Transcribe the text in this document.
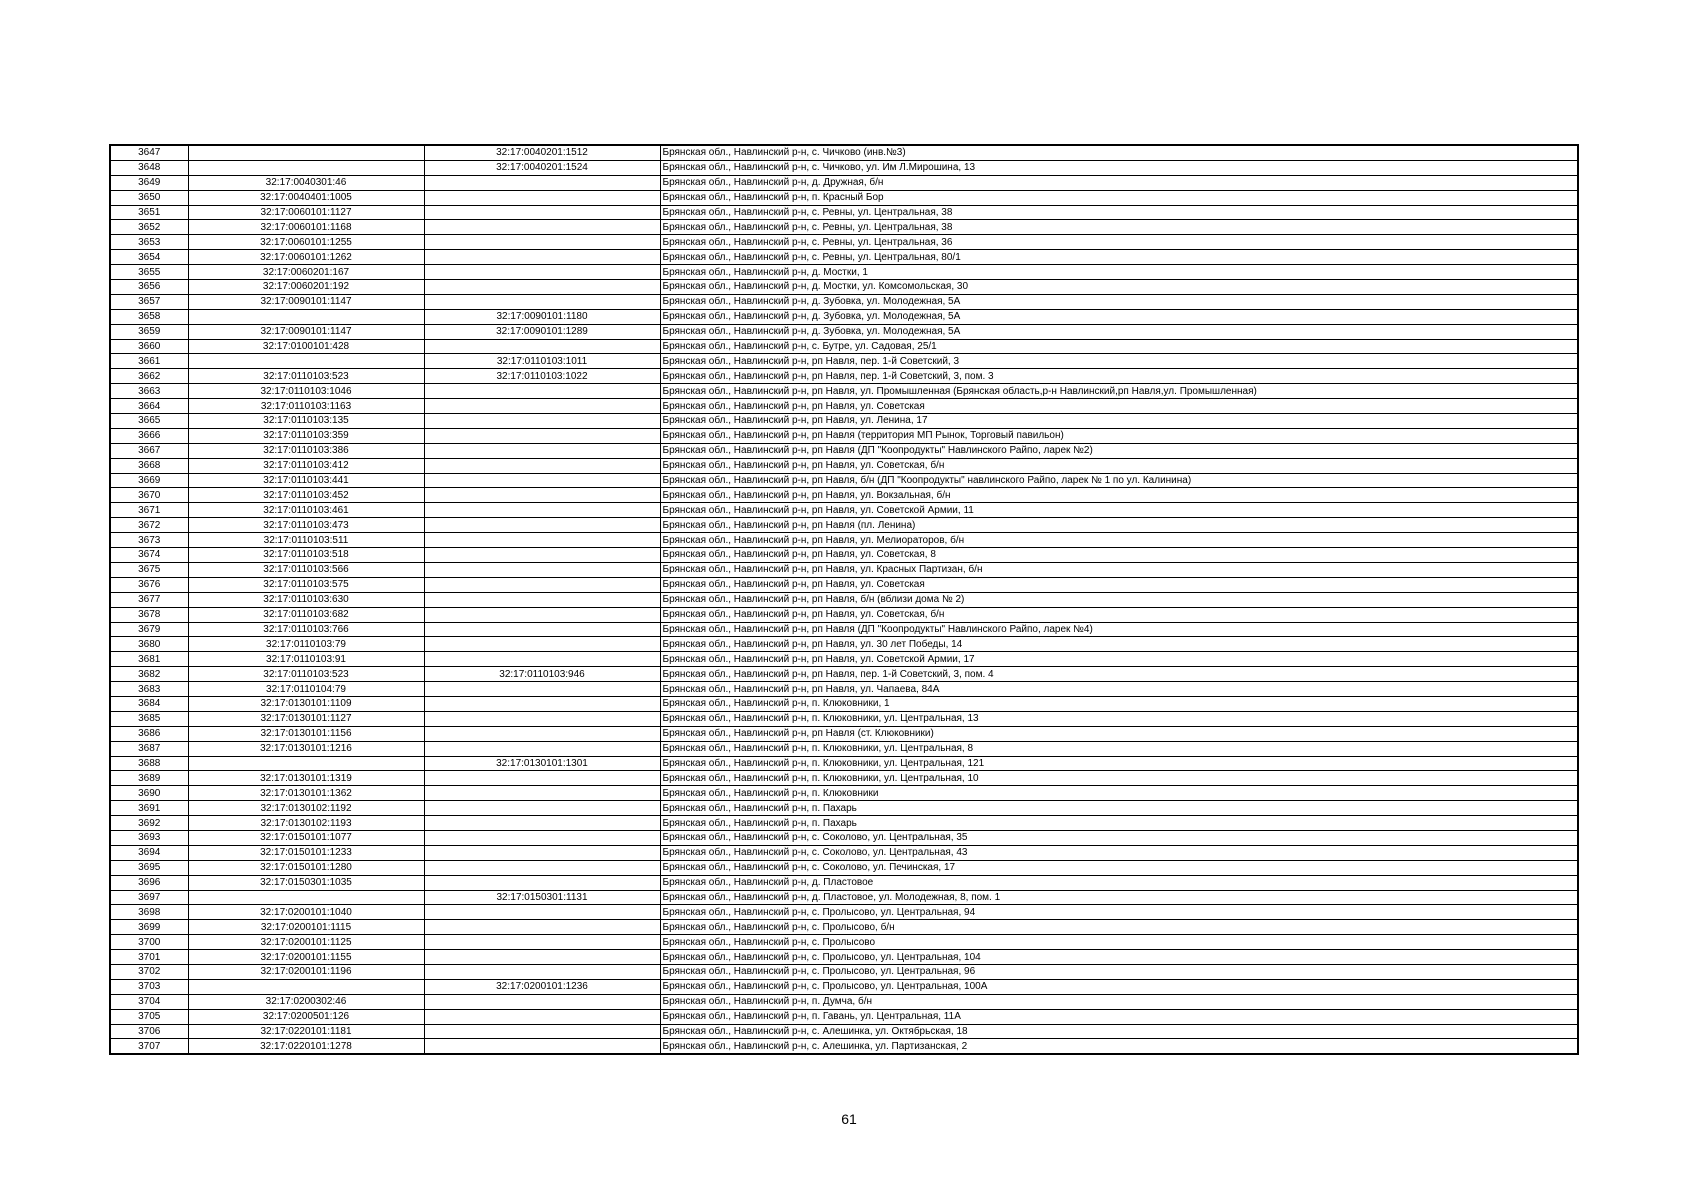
3647		32:17:0040201:1512	Брянская обл., Навлинский р-н, с. Чичково (инв.№3)
3648		32:17:0040201:1524	Брянская обл., Навлинский р-н, с. Чичково, ул. Им Л.Мирошина, 13
3649	32:17:0040301:46		Брянская обл., Навлинский р-н, д. Дружная, б/н
3650	32:17:0040401:1005		Брянская обл., Навлинский р-н, п. Красный Бор
3651	32:17:0060101:1127		Брянская обл., Навлинский р-н, с. Ревны, ул. Центральная, 38
3652	32:17:0060101:1168		Брянская обл., Навлинский р-н, с. Ревны, ул. Центральная, 38
3653	32:17:0060101:1255		Брянская обл., Навлинский р-н, с. Ревны, ул. Центральная, 36
3654	32:17:0060101:1262		Брянская обл., Навлинский р-н, с. Ревны, ул. Центральная, 80/1
3655	32:17:0060201:167		Брянская обл., Навлинский р-н, д. Мостки, 1
3656	32:17:0060201:192		Брянская обл., Навлинский р-н, д. Мостки, ул. Комсомольская, 30
3657	32:17:0090101:1147		Брянская обл., Навлинский р-н, д. Зубовка, ул. Молодежная, 5А
3658		32:17:0090101:1180	Брянская обл., Навлинский р-н, д. Зубовка, ул. Молодежная, 5А
3659	32:17:0090101:1147	32:17:0090101:1289	Брянская обл., Навлинский р-н, д. Зубовка, ул. Молодежная, 5А
3660	32:17:0100101:428		Брянская обл., Навлинский р-н, с. Бутре, ул. Садовая, 25/1
3661		32:17:0110103:1011	Брянская обл., Навлинский р-н, рп Навля, пер. 1-й Советский, 3
3662	32:17:0110103:523	32:17:0110103:1022	Брянская обл., Навлинский р-н, рп Навля, пер. 1-й Советский, 3, пом. 3
3663	32:17:0110103:1046		Брянская обл., Навлинский р-н, рп Навля, ул. Промышленная (Брянская область,р-н Навлинский,рп Навля,ул. Промышленная)
3664	32:17:0110103:1163		Брянская обл., Навлинский р-н, рп Навля, ул. Советская
3665	32:17:0110103:135		Брянская обл., Навлинский р-н, рп Навля, ул. Ленина, 17
3666	32:17:0110103:359		Брянская обл., Навлинский р-н, рп Навля (территория МП Рынок, Торговый павильон)
3667	32:17:0110103:386		Брянская обл., Навлинский р-н, рп Навля (ДП "Коопродукты" Навлинского Райпо, ларек №2)
3668	32:17:0110103:412		Брянская обл., Навлинский р-н, рп Навля, ул. Советская, б/н
3669	32:17:0110103:441		Брянская обл., Навлинский р-н, рп Навля, б/н (ДП "Коопродукты" навлинского Райпо, ларек № 1 по ул. Калинина)
3670	32:17:0110103:452		Брянская обл., Навлинский р-н, рп Навля, ул. Вокзальная, б/н
3671	32:17:0110103:461		Брянская обл., Навлинский р-н, рп Навля, ул. Советской Армии, 11
3672	32:17:0110103:473		Брянская обл., Навлинский р-н, рп Навля (пл. Ленина)
3673	32:17:0110103:511		Брянская обл., Навлинский р-н, рп Навля, ул. Мелиораторов, б/н
3674	32:17:0110103:518		Брянская обл., Навлинский р-н, рп Навля, ул. Советская, 8
3675	32:17:0110103:566		Брянская обл., Навлинский р-н, рп Навля, ул. Красных Партизан, б/н
3676	32:17:0110103:575		Брянская обл., Навлинский р-н, рп Навля, ул. Советская
3677	32:17:0110103:630		Брянская обл., Навлинский р-н, рп Навля, б/н (вблизи дома № 2)
3678	32:17:0110103:682		Брянская обл., Навлинский р-н, рп Навля, ул. Советская, б/н
3679	32:17:0110103:766		Брянская обл., Навлинский р-н, рп Навля (ДП "Коопродукты" Навлинского Райпо, ларек №4)
3680	32:17:0110103:79		Брянская обл., Навлинский р-н, рп Навля, ул. 30 лет Победы, 14
3681	32:17:0110103:91		Брянская обл., Навлинский р-н, рп Навля, ул. Советской Армии, 17
3682	32:17:0110103:523	32:17:0110103:946	Брянская обл., Навлинский р-н, рп Навля, пер. 1-й Советский, 3, пом. 4
3683	32:17:0110104:79		Брянская обл., Навлинский р-н, рп Навля, ул. Чапаева, 84А
3684	32:17:0130101:1109		Брянская обл., Навлинский р-н, п. Клюковники, 1
3685	32:17:0130101:1127		Брянская обл., Навлинский р-н, п. Клюковники, ул. Центральная, 13
3686	32:17:0130101:1156		Брянская обл., Навлинский р-н, рп Навля (ст. Клюковники)
3687	32:17:0130101:1216		Брянская обл., Навлинский р-н, п. Клюковники, ул. Центральная, 8
3688		32:17:0130101:1301	Брянская обл., Навлинский р-н, п. Клюковники, ул. Центральная, 121
3689	32:17:0130101:1319		Брянская обл., Навлинский р-н, п. Клюковники, ул. Центральная, 10
3690	32:17:0130101:1362		Брянская обл., Навлинский р-н, п. Клюковники
3691	32:17:0130102:1192		Брянская обл., Навлинский р-н, п. Пахарь
3692	32:17:0130102:1193		Брянская обл., Навлинский р-н, п. Пахарь
3693	32:17:0150101:1077		Брянская обл., Навлинский р-н, с. Соколово, ул. Центральная, 35
3694	32:17:0150101:1233		Брянская обл., Навлинский р-н, с. Соколово, ул. Центральная, 43
3695	32:17:0150101:1280		Брянская обл., Навлинский р-н, с. Соколово, ул. Печинская, 17
3696	32:17:0150301:1035		Брянская обл., Навлинский р-н, д. Пластовое
3697		32:17:0150301:1131	Брянская обл., Навлинский р-н, д. Пластовое, ул. Молодежная, 8, пом. 1
3698	32:17:0200101:1040		Брянская обл., Навлинский р-н, с. Пролысово, ул. Центральная, 94
3699	32:17:0200101:1115		Брянская обл., Навлинский р-н, с. Пролысово, б/н
3700	32:17:0200101:1125		Брянская обл., Навлинский р-н, с. Пролысово
3701	32:17:0200101:1155		Брянская обл., Навлинский р-н, с. Пролысово, ул. Центральная, 104
3702	32:17:0200101:1196		Брянская обл., Навлинский р-н, с. Пролысово, ул. Центральная, 96
3703		32:17:0200101:1236	Брянская обл., Навлинский р-н, с. Пролысово, ул. Центральная, 100А
3704	32:17:0200302:46		Брянская обл., Навлинский р-н, п. Думча, б/н
3705	32:17:0200501:126		Брянская обл., Навлинский р-н, п. Гавань, ул. Центральная, 11А
3706	32:17:0220101:1181		Брянская обл., Навлинский р-н, с. Алешинка, ул. Октябрьская, 18
3707	32:17:0220101:1278		Брянская обл., Навлинский р-н, с. Алешинка, ул. Партизанская, 2
61
